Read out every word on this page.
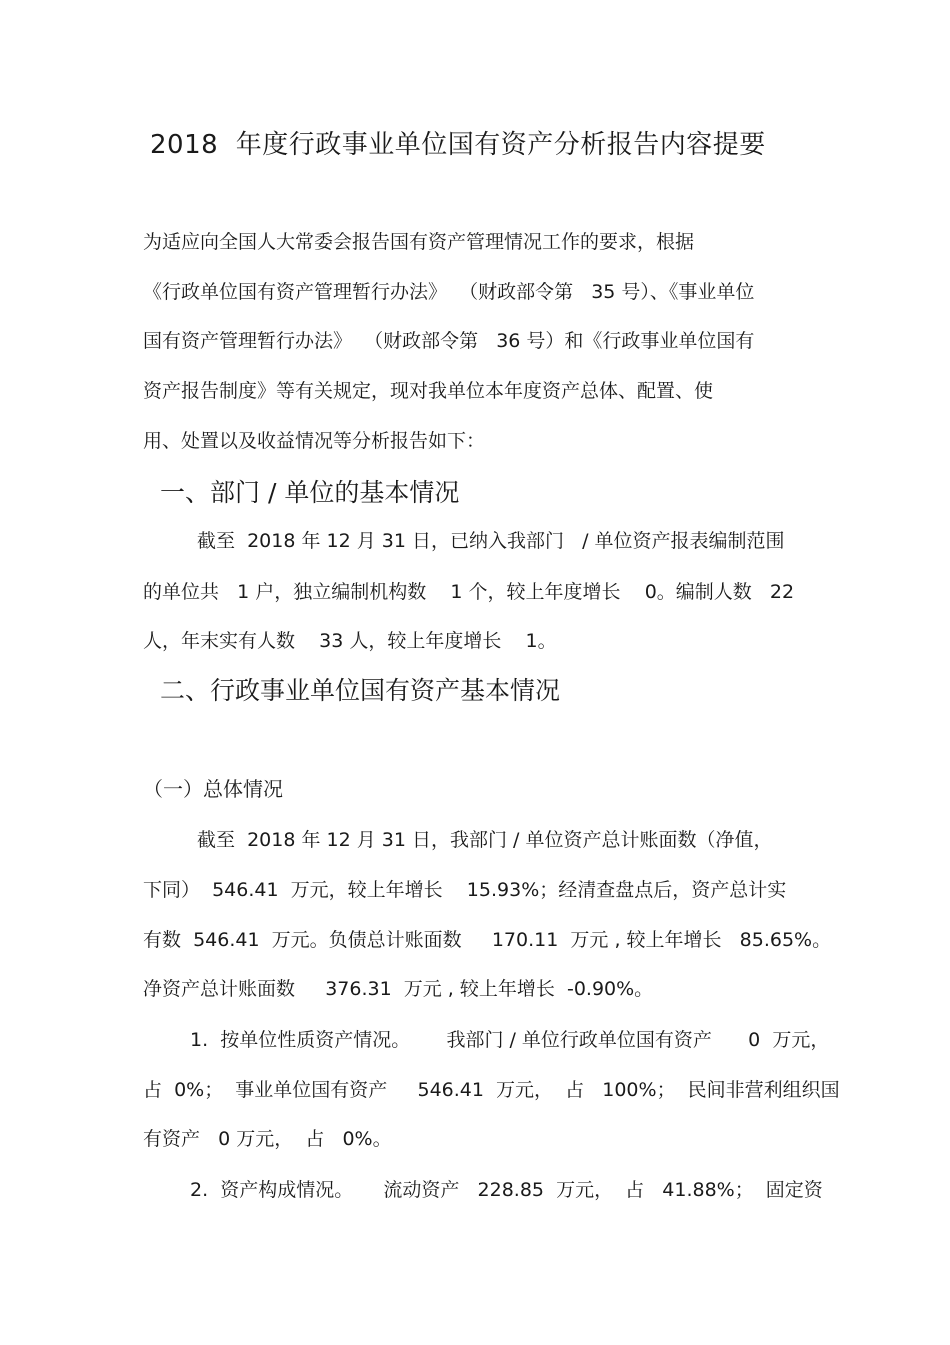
2018  年度行政事业单位国有资产分析报告内容提要
为适应向全国人大常委会报告国有资产管理情况工作的要求，根据
《行政单位国有资产管理暂行办法》  （财政部令第   35 号）、《事业单位
国有资产管理暂行办法》  （财政部令第   36 号）和《行政事业单位国有
资产报告制度》等有关规定，现对我单位本年度资产总体、配置、使
用、处置以及收益情况等分析报告如下：
一、部门 / 单位的基本情况
截至  2018 年 12 月 31 日，已纳入我部门   / 单位资产报表编制范围
的单位共   1 户，独立编制机构数    1 个，较上年度增长    0。编制人数   22
人，年末实有人数    33 人，较上年度增长    1。
二、行政事业单位国有资产基本情况
（一）总体情况
截至  2018 年 12 月 31 日，我部门 / 单位资产总计账面数（净值，
下同）  546.41  万元，较上年增长    15.93%；经清查盘点后，资产总计实
有数  546.41  万元。负债总计账面数     170.11  万元 , 较上年增长   85.65%。
净资产总计账面数     376.31  万元 , 较上年增长  -0.90%。
1.  按单位性质资产情况。      我部门 / 单位行政单位国有资产      0  万元，
占  0%；  事业单位国有资产     546.41  万元，  占   100%；  民间非营利组织国
有资产   0 万元，  占   0%。
2.  资产构成情况。     流动资产   228.85  万元，  占   41.88%；  固定资
